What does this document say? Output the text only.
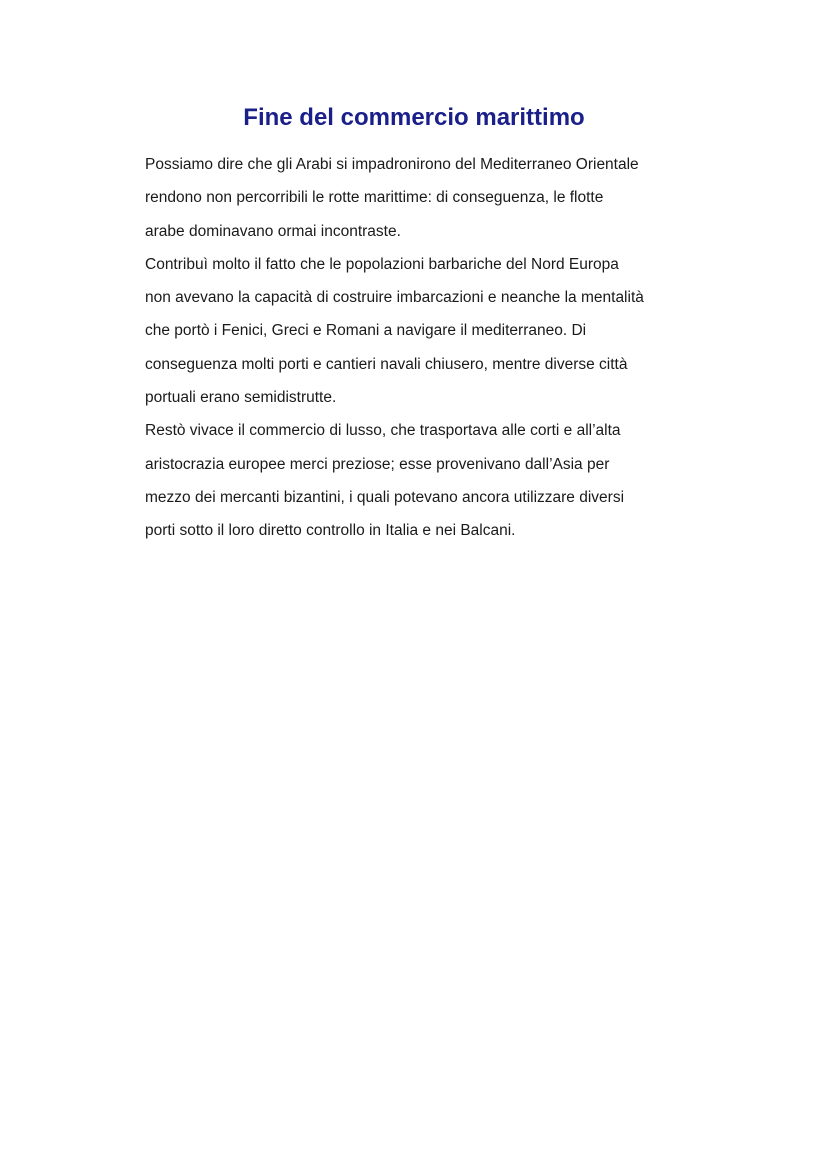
Fine del commercio marittimo
Possiamo dire che gli Arabi si impadronirono del Mediterraneo Orientale
rendono non percorribili le rotte marittime: di conseguenza, le flotte
arabe dominavano ormai incontraste.
Contribuì molto il fatto che le popolazioni barbariche del Nord Europa
non avevano la capacità di costruire imbarcazioni e neanche la mentalità
che portò i Fenici, Greci e Romani a navigare il mediterraneo. Di
conseguenza molti porti e cantieri navali chiusero, mentre diverse città
portuali erano semidistrutte.
Restò vivace il commercio di lusso, che trasportava alle corti e all’alta
aristocrazia europee merci preziose; esse provenivano dall’Asia per
mezzo dei mercanti bizantini, i quali potevano ancora utilizzare diversi
porti sotto il loro diretto controllo in Italia e nei Balcani.
